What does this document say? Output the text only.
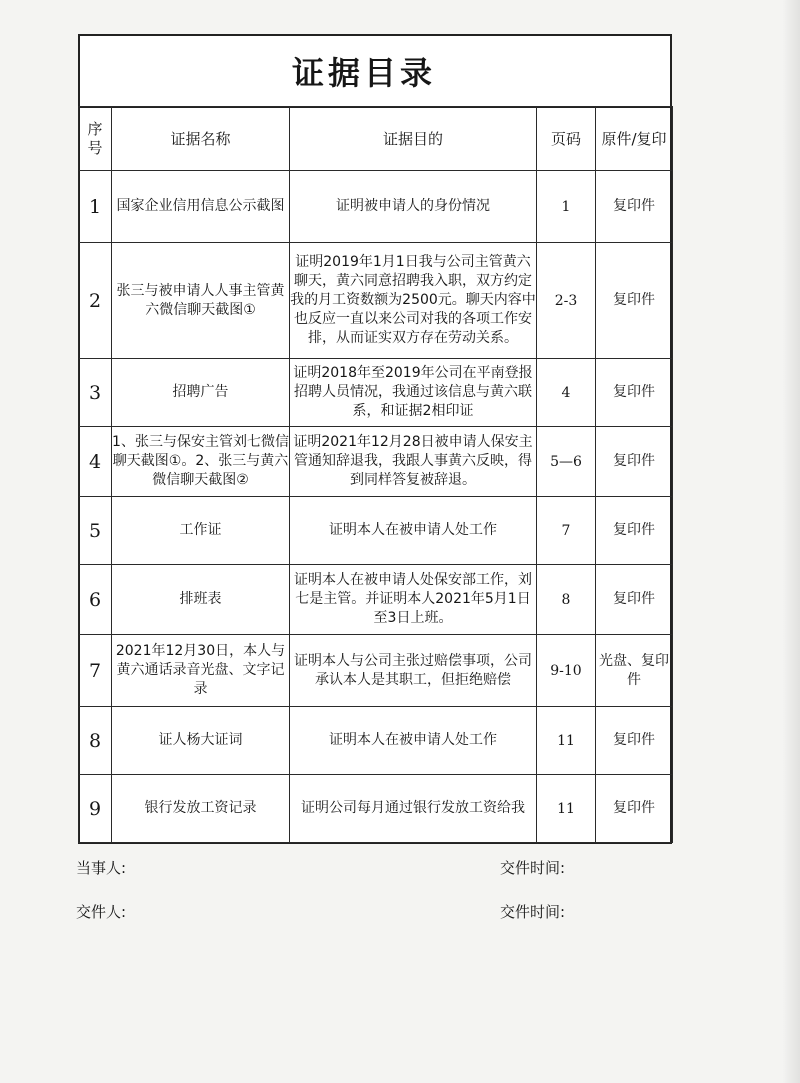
证据目录
序号	证据名称	证据目的	页码	原件/复印
1	国家企业信用信息公示截图	证明被申请人的身份情况	1	复印件
2	张三与被申请人人事主管黄六微信聊天截图①	证明2019年1月1日我与公司主管黄六聊天，黄六同意招聘我入职，双方约定我的月工资数额为2500元。聊天内容中也反应一直以来公司对我的各项工作安排，从而证实双方存在劳动关系。	2-3	复印件
3	招聘广告	证明2018年至2019年公司在平南登报招聘人员情况，我通过该信息与黄六联系，和证据2相印证	4	复印件
4	1、张三与保安主管刘七微信聊天截图①。2、张三与黄六微信聊天截图②	证明2021年12月28日被申请人保安主管通知辞退我，我跟人事黄六反映，得到同样答复被辞退。	5—6	复印件
5	工作证	证明本人在被申请人处工作	7	复印件
6	排班表	证明本人在被申请人处保安部工作，刘七是主管。并证明本人2021年5月1日至3日上班。	8	复印件
7	2021年12月30日，本人与黄六通话录音光盘、文字记录	证明本人与公司主张过赔偿事项，公司承认本人是其职工，但拒绝赔偿	9-10	光盘、复印件
8	证人杨大证词	证明本人在被申请人处工作	11	复印件
9	银行发放工资记录	证明公司每月通过银行发放工资给我	11	复印件
当事人:	交件时间:
交件人:	交件时间:
